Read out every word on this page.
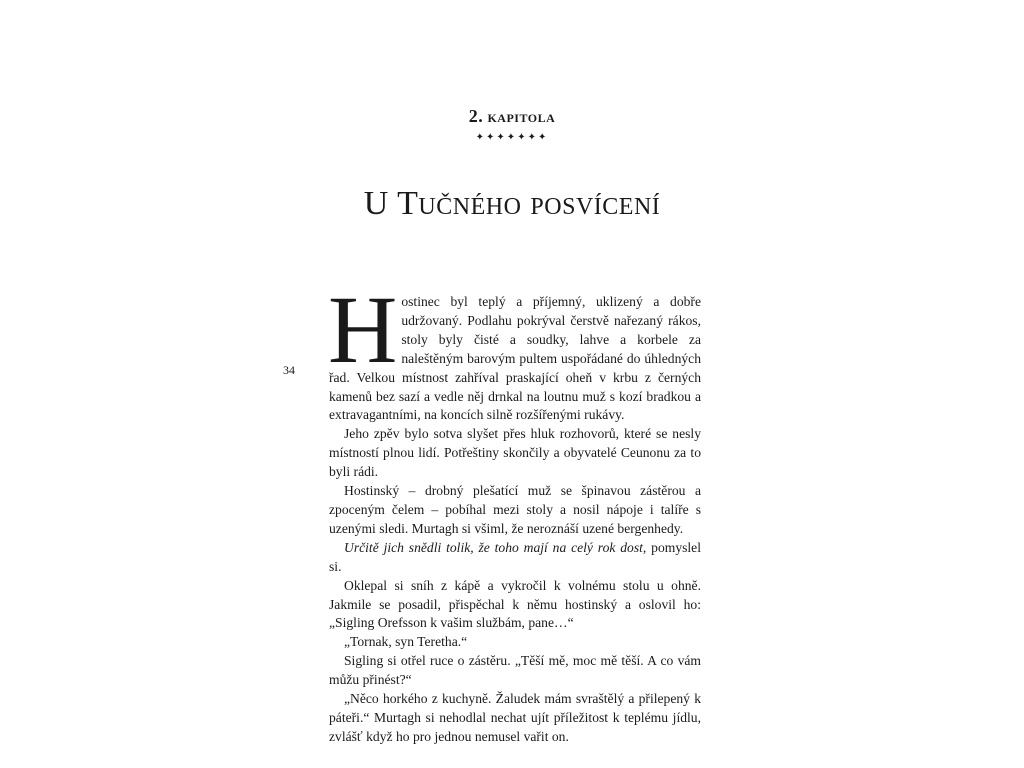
2. kapitola
✦✦✦✦✦✦✦
U Tučného posvícení
34 Hostinec byl teplý a příjemný, uklizený a dobře udržovaný. Podlahu pokrýval čerstvě nařezaný rákos, stoly byly čisté a soudky, lahve a korbele za naleštěným barovým pultem uspořádané do úhledných řad. Velkou místnost zahříval praskající oheň v krbu z černých kamenů bez sazí a vedle něj drnkal na loutnu muž s kozí bradkou a extravagantními, na koncích silně rozšířenými rukávy.

Jeho zpěv bylo sotva slyšet přes hluk rozhovorů, které se nesly místností plnou lidí. Potřeštiny skončily a obyvatelé Ceunonu za to byli rádi.

Hostinský – drobný plešatící muž se špinavou zástěrou a zpoceným čelem – pobíhal mezi stoly a nosil nápoje i talíře s uzenými sledi. Murtagh si všiml, že neroznáší uzené bergenhedy.

Určitě jich snědli tolik, že toho mají na celý rok dost, pomyslel si.

Oklepal si sníh z kápě a vykročil k volnému stolu u ohně. Jakmile se posadil, přispěchal k němu hostinský a oslovil ho: „Sigling Orefsson k vašim službám, pane…“

„Tornak, syn Teretha.“

Sigling si otřel ruce o zástěru. „Těší mě, moc mě těší. A co vám můžu přinést?“

„Něco horkého z kuchyně. Žaludek mám svraštělý a přilepený k páteři.“ Murtagh si nehodlal nechat ujít příležitost k teplému jídlu, zvlášť když ho pro jednou nemusel vařit on.
